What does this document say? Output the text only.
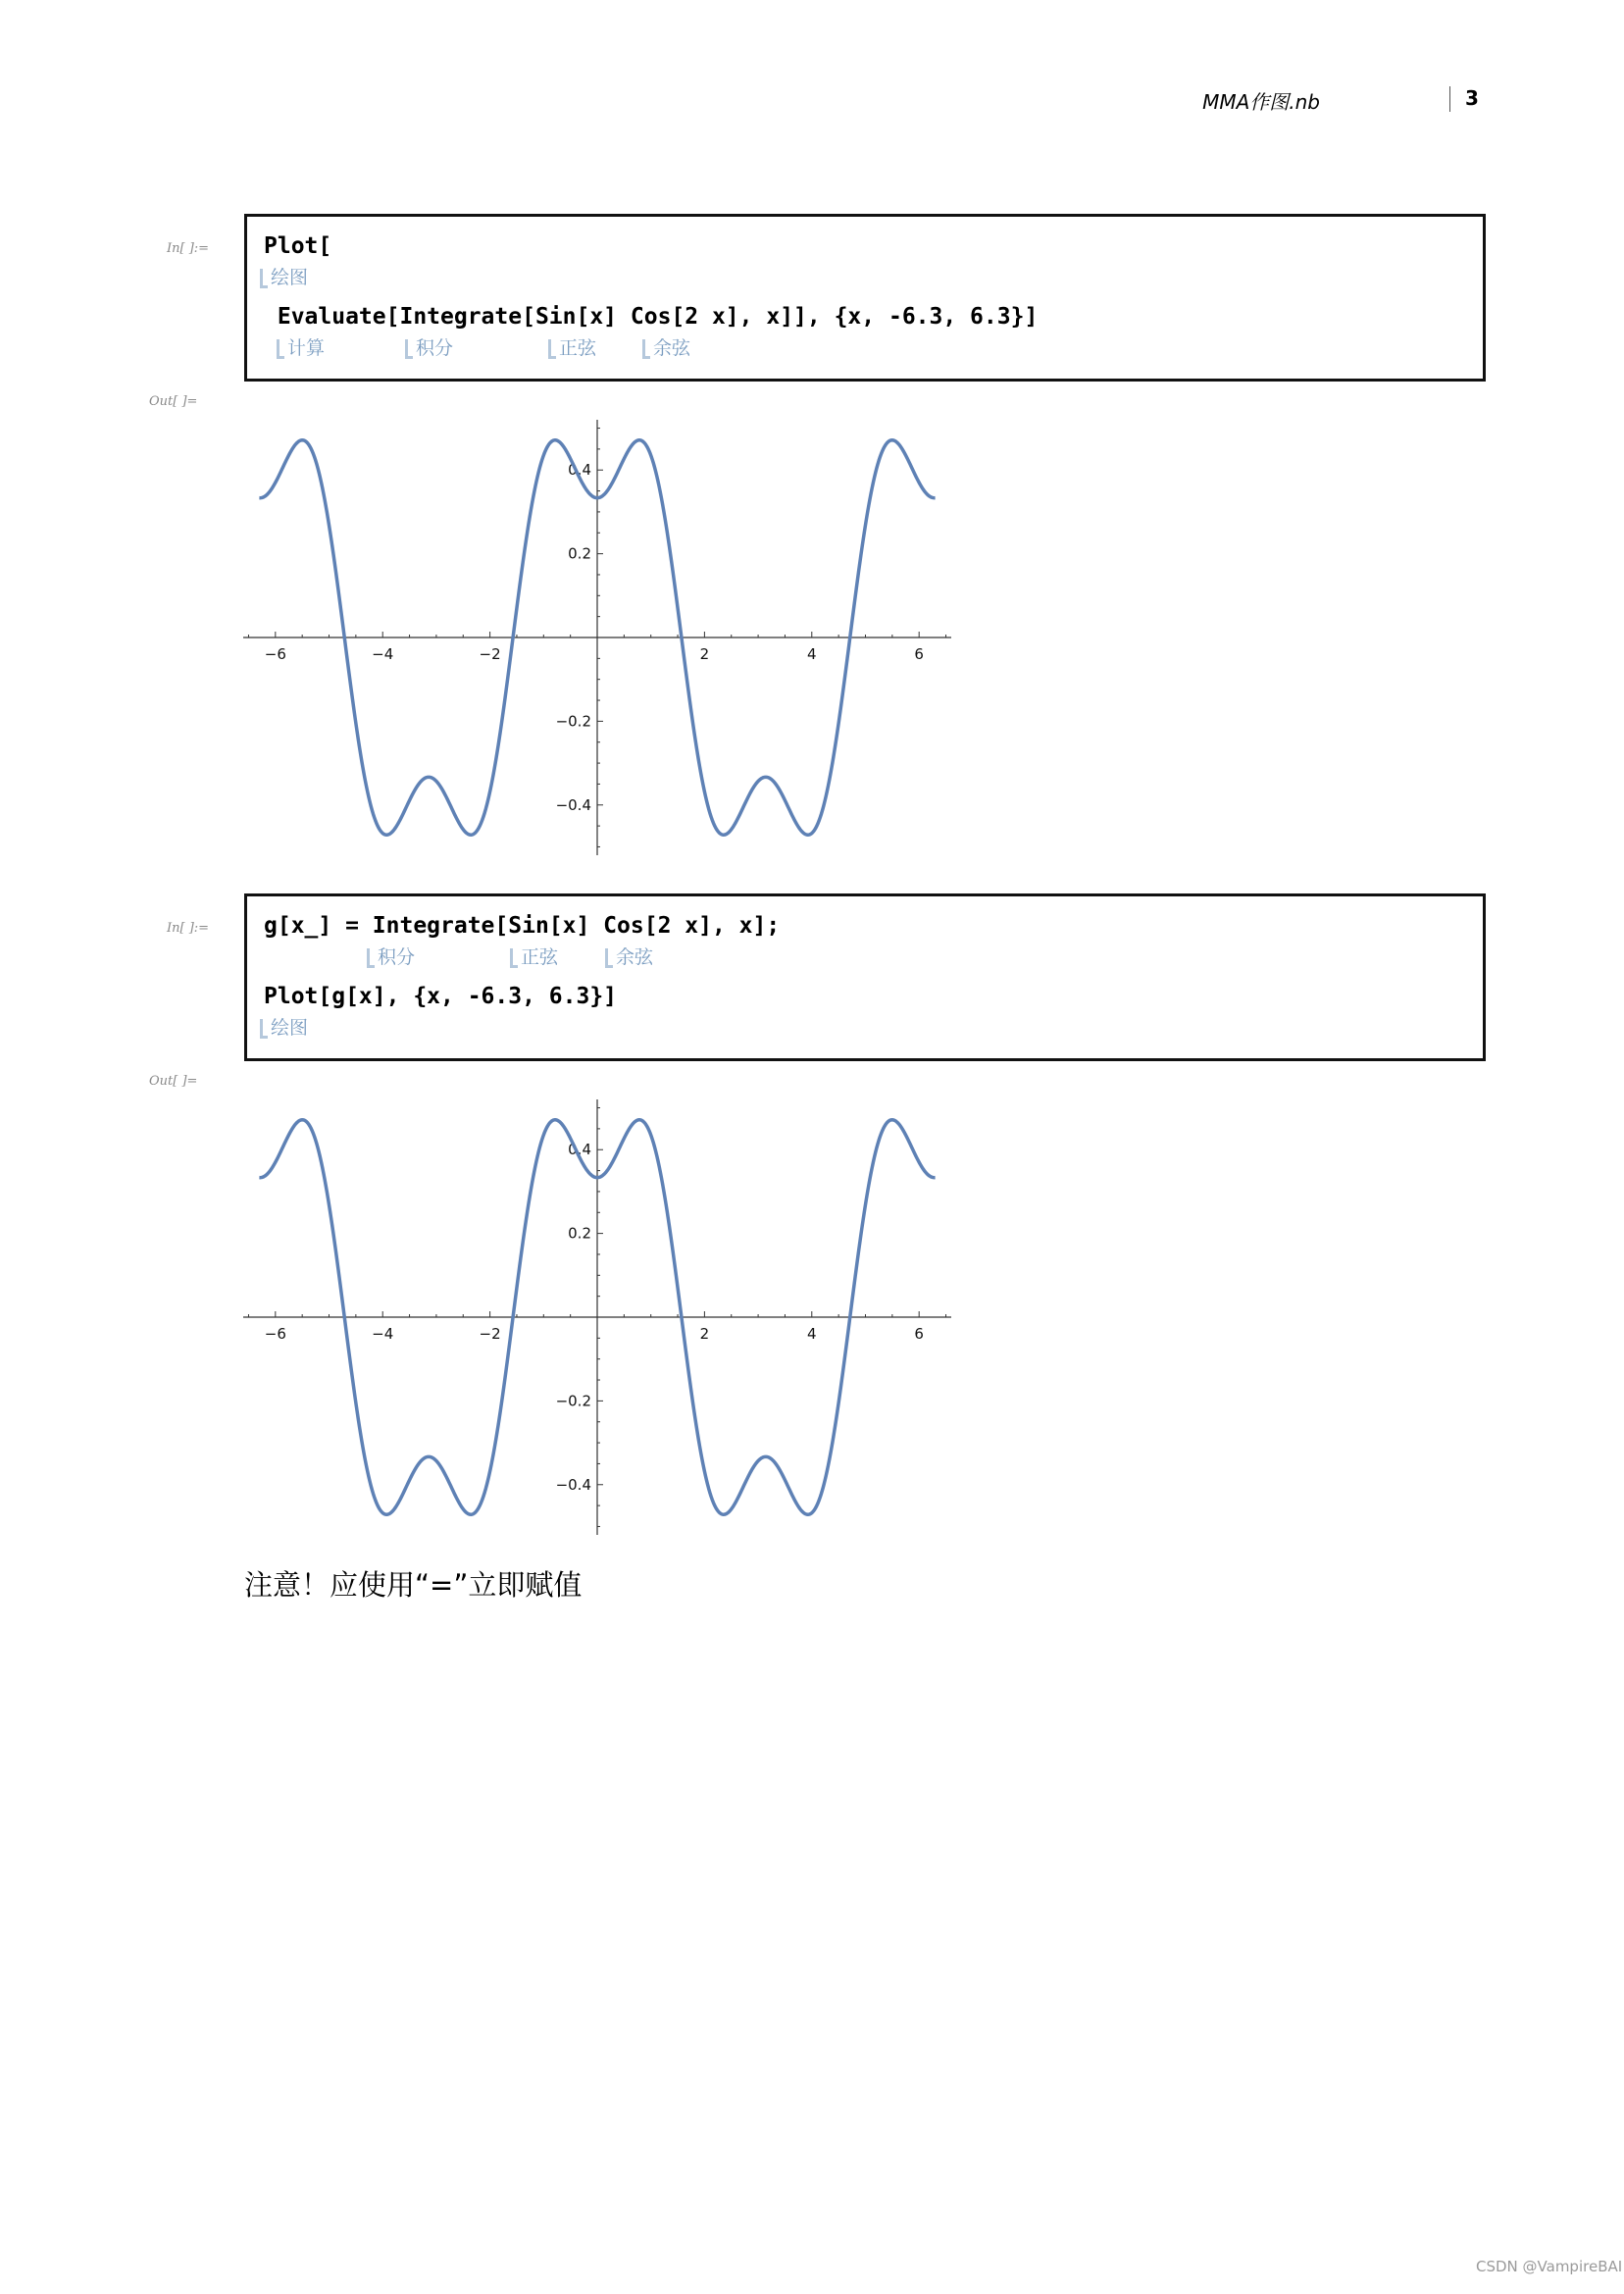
MMA作图.nb	3
In[ ]:= Plot[
绘图
Evaluate[Integrate[Sin[x] Cos[2 x], x]], {x, -6.3, 6.3}]
计算	积分	正弦	余弦
Out[ ]=
−6	−4	−2	2	4	6
0.4
0.2
−0.2
−0.4
In[ ]:= g[x_] = Integrate[Sin[x] Cos[2 x], x];
积分	正弦	余弦
Plot[g[x], {x, -6.3, 6.3}]
绘图
Out[ ]=
−6	−4	−2	2	4	6
0.4
0.2
−0.2
−0.4
注意！应使用“=”立即赋值
CSDN @VampireBAI
